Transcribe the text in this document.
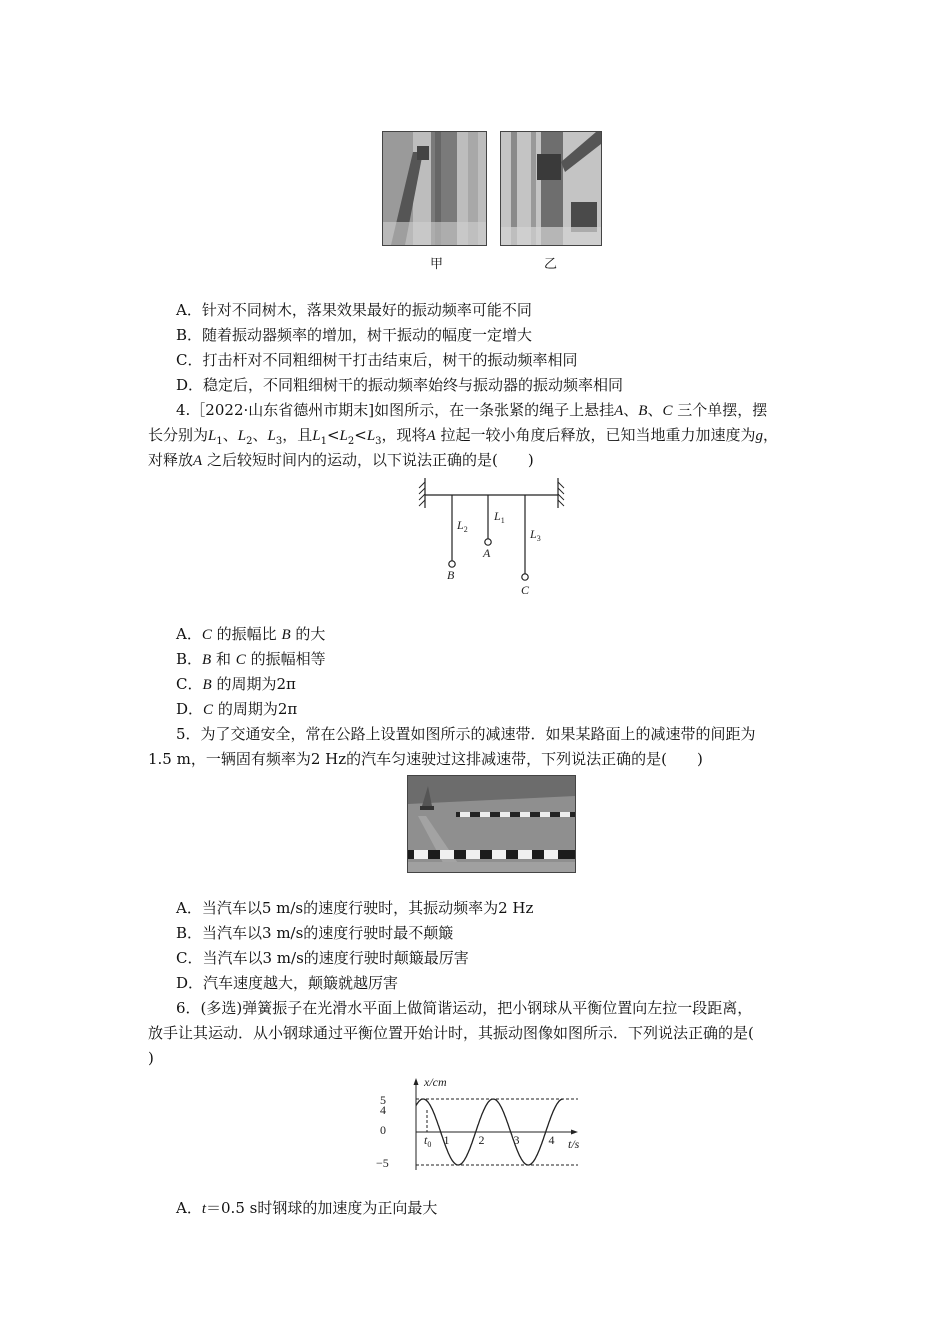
甲	乙
A．针对不同树木，落果效果最好的振动频率可能不同
B．随着振动器频率的增加，树干振动的幅度一定增大
C．打击杆对不同粗细树干打击结束后，树干的振动频率相同
D．稳定后，不同粗细树干的振动频率始终与振动器的振动频率相同
4.［2022·山东省德州市期末]如图所示，在一条张紧的绳子上悬挂A、B、C 三个单摆，摆
长分别为$L_1$、$L_2$、$L_3$，且$L_1<L_2<L_3$，现将A 拉起一较小角度后释放，已知当地重力加速度为g，
对释放A 之后较短时间内的运动，以下说法正确的是(　　)
$L_2$
$L_1$
$L_3$
A
B
C
A．C 的振幅比 B 的大
B．B 和 C 的振幅相等
C．B 的周期为2π
D．C 的周期为2π
5．为了交通安全，常在公路上设置如图所示的减速带．如果某路面上的减速带的间距为
1.5 m，一辆固有频率为2 Hz的汽车匀速驶过这排减速带，下列说法正确的是(　　)
A．当汽车以5 m/s的速度行驶时，其振动频率为2 Hz
B．当汽车以3 m/s的速度行驶时最不颠簸
C．当汽车以3 m/s的速度行驶时颠簸最厉害
D．汽车速度越大，颠簸就越厉害
6．(多选)弹簧振子在光滑水平面上做简谐运动，把小钢球从平衡位置向左拉一段距离，
放手让其运动．从小钢球通过平衡位置开始计时，其振动图像如图所示．下列说法正确的是(
)
x/cm
t/s
5
4
0
−5
$t_0$ 1 2 3 4
A．t＝0.5 s时钢球的加速度为正向最大
